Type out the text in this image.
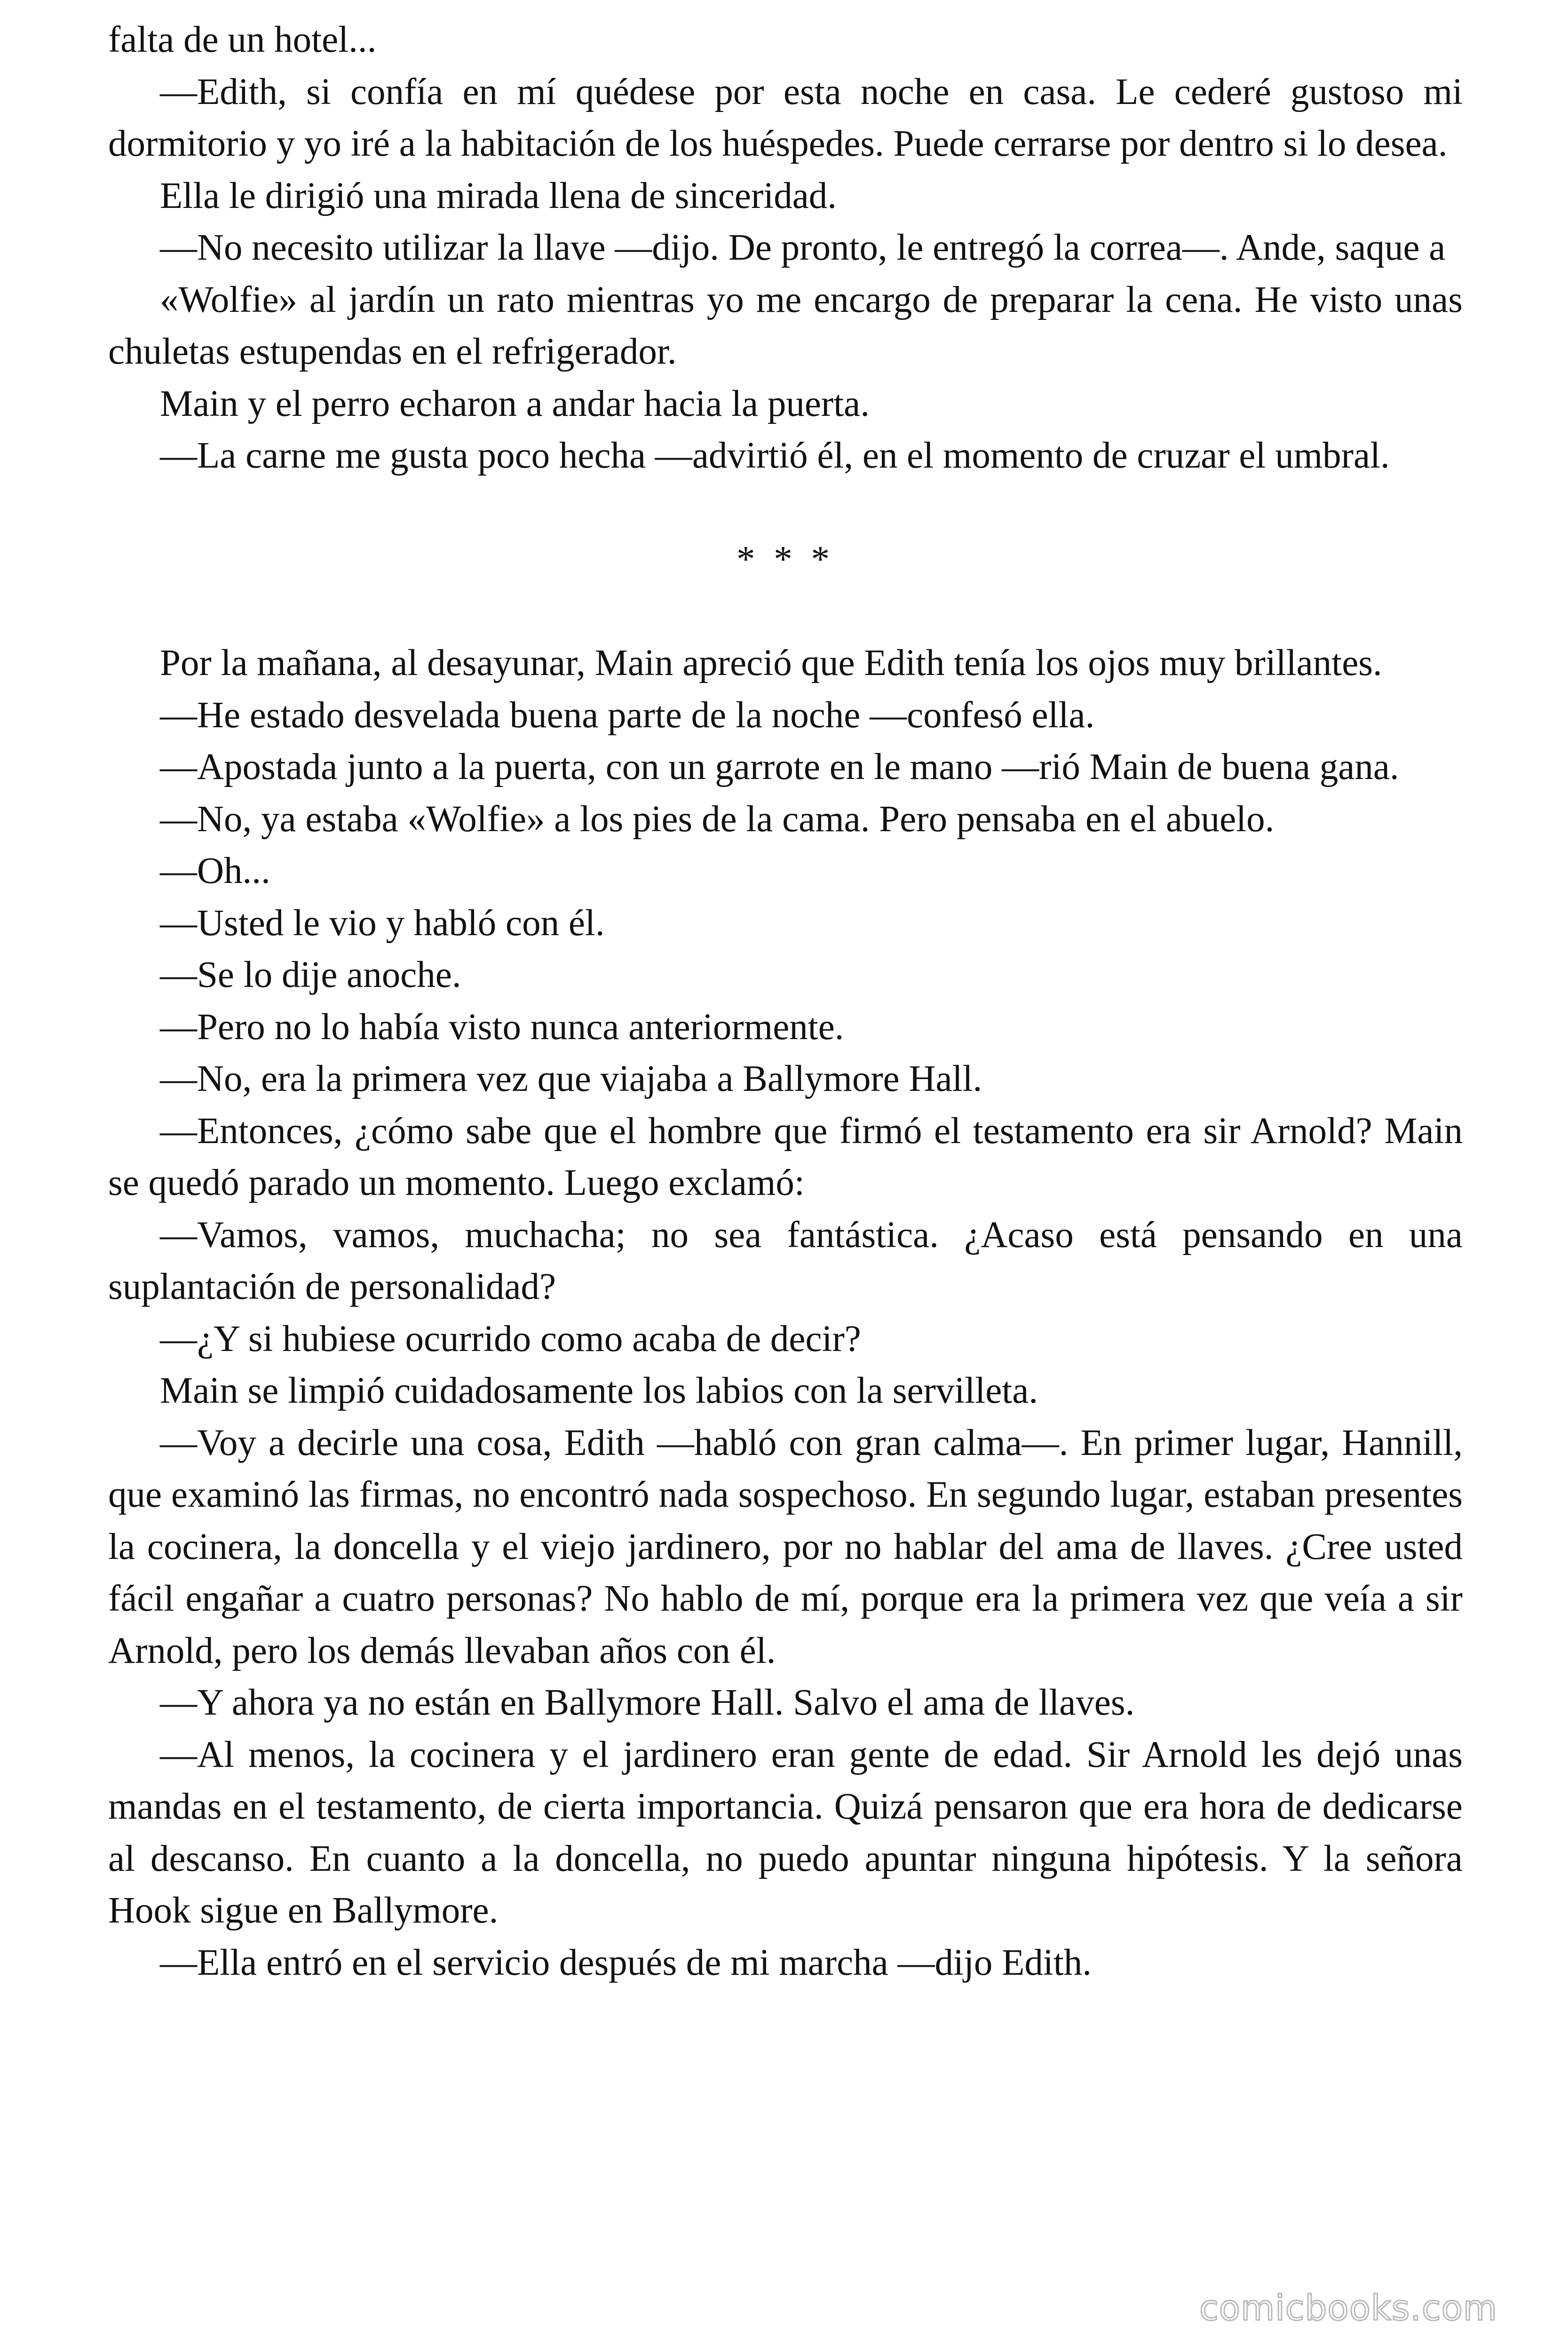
falta de un hotel...

—Edith, si confía en mí quédese por esta noche en casa. Le cederé gustoso mi dormitorio y yo iré a la habitación de los huéspedes. Puede cerrarse por dentro si lo desea.

Ella le dirigió una mirada llena de sinceridad.

—No necesito utilizar la llave —dijo. De pronto, le entregó la correa—. Ande, saque a

«Wolfie» al jardín un rato mientras yo me encargo de preparar la cena. He visto unas chuletas estupendas en el refrigerador.

Main y el perro echaron a andar hacia la puerta.

—La carne me gusta poco hecha —advirtió él, en el momento de cruzar el umbral.

* * *

Por la mañana, al desayunar, Main apreció que Edith tenía los ojos muy brillantes.

—He estado desvelada buena parte de la noche —confesó ella.

—Apostada junto a la puerta, con un garrote en le mano —rió Main de buena gana.

—No, ya estaba «Wolfie» a los pies de la cama. Pero pensaba en el abuelo.

—Oh...

—Usted le vio y habló con él.

—Se lo dije anoche.

—Pero no lo había visto nunca anteriormente.

—No, era la primera vez que viajaba a Ballymore Hall.

—Entonces, ¿cómo sabe que el hombre que firmó el testamento era sir Arnold? Main se quedó parado un momento. Luego exclamó:

—Vamos, vamos, muchacha; no sea fantástica. ¿Acaso está pensando en una suplantación de personalidad?

—¿Y si hubiese ocurrido como acaba de decir?

Main se limpió cuidadosamente los labios con la servilleta.

—Voy a decirle una cosa, Edith —habló con gran calma—. En primer lugar, Hannill, que examinó las firmas, no encontró nada sospechoso. En segundo lugar, estaban presentes la cocinera, la doncella y el viejo jardinero, por no hablar del ama de llaves. ¿Cree usted fácil engañar a cuatro personas? No hablo de mí, porque era la primera vez que veía a sir Arnold, pero los demás llevaban años con él.

—Y ahora ya no están en Ballymore Hall. Salvo el ama de llaves.

—Al menos, la cocinera y el jardinero eran gente de edad. Sir Arnold les dejó unas mandas en el testamento, de cierta importancia. Quizá pensaron que era hora de dedicarse al descanso. En cuanto a la doncella, no puedo apuntar ninguna hipótesis. Y la señora Hook sigue en Ballymore.

—Ella entró en el servicio después de mi marcha —dijo Edith.

comicbooks.com
